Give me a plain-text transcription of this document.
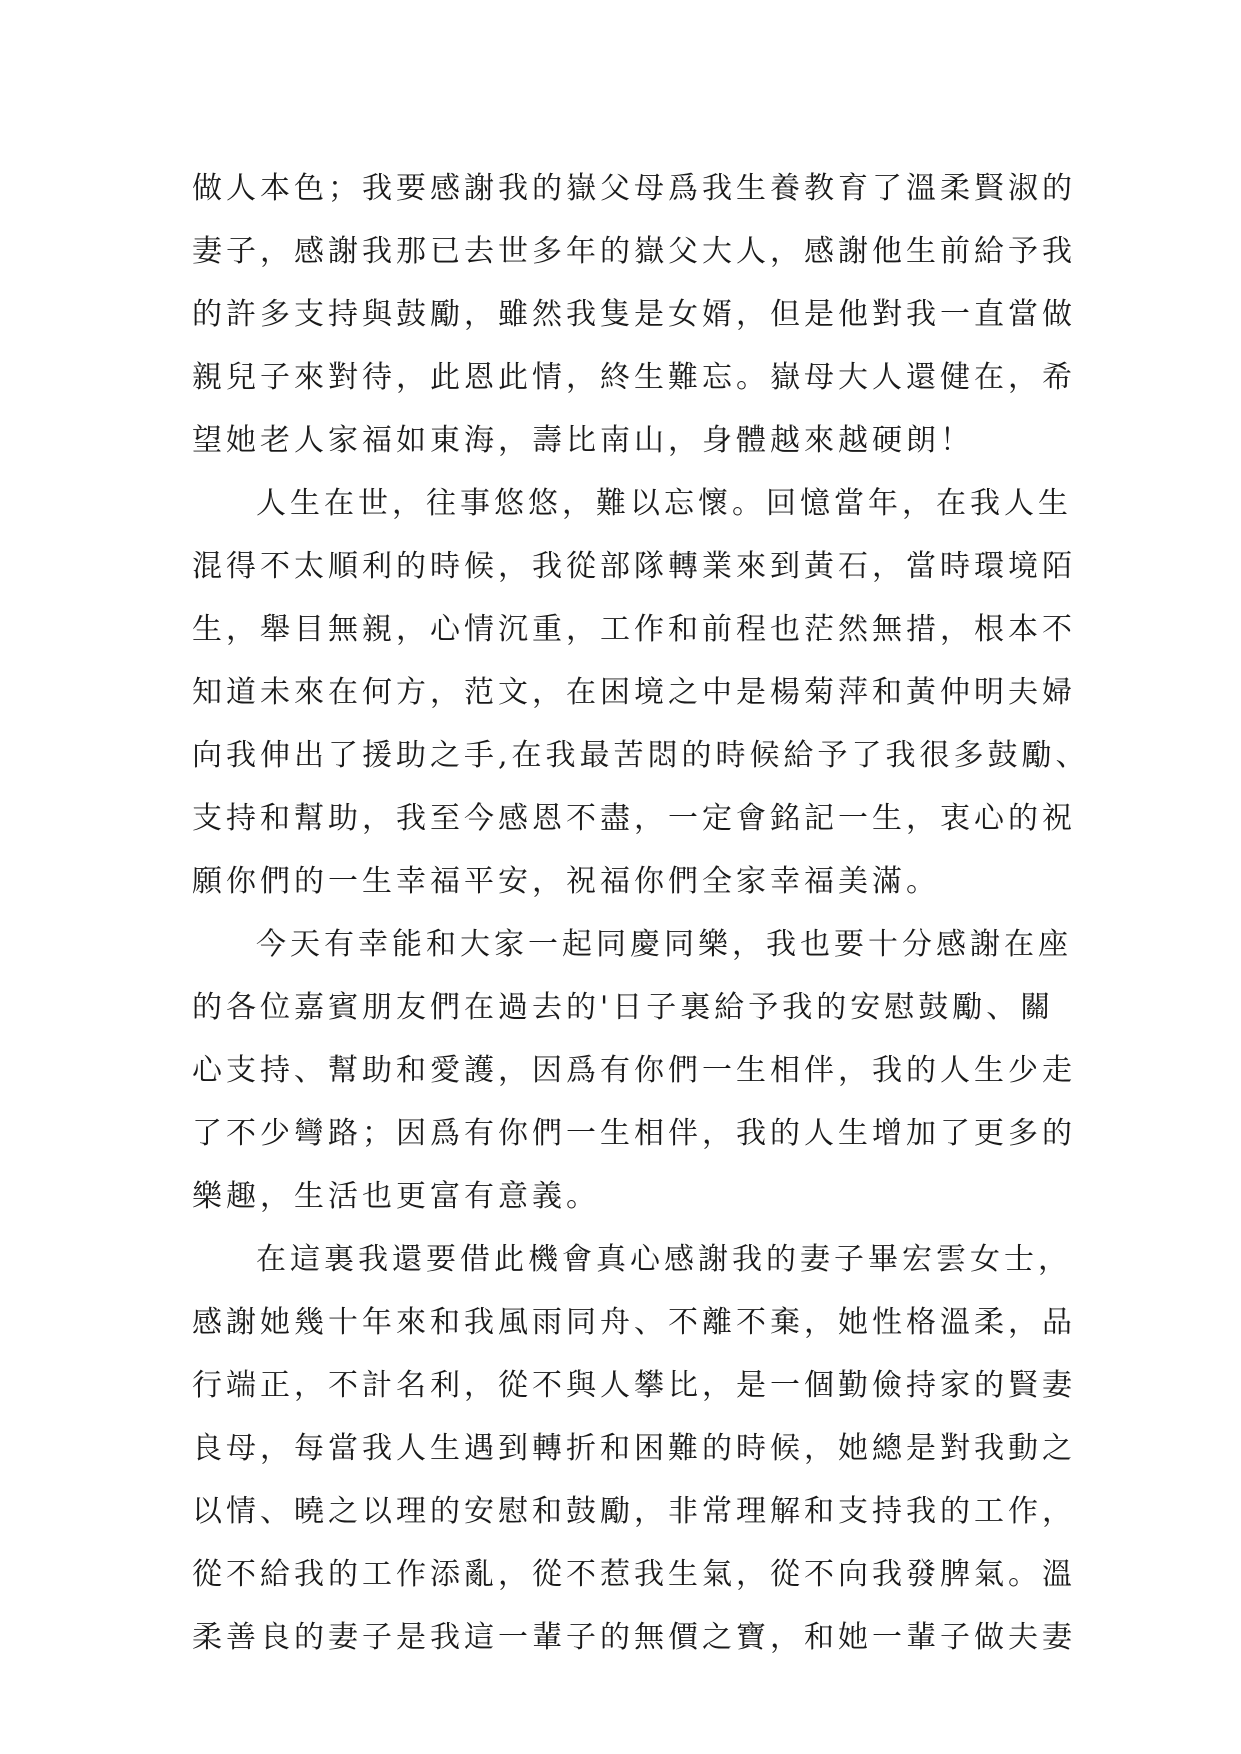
做人本色；我要感謝我的嶽父母爲我生養教育了溫柔賢淑的
妻子，感謝我那已去世多年的嶽父大人，感謝他生前給予我
的許多支持與鼓勵，雖然我隻是女婿，但是他對我一直當做
親兒子來對待，此恩此情，終生難忘。嶽母大人還健在，希
望她老人家福如東海，壽比南山，身體越來越硬朗！
人生在世，往事悠悠，難以忘懷。回憶當年，在我人生
混得不太順利的時候，我從部隊轉業來到黃石，當時環境陌
生，舉目無親，心情沉重，工作和前程也茫然無措，根本不
知道未來在何方，范文，在困境之中是楊菊萍和黃仲明夫婦
向我伸出了援助之手,在我最苦悶的時候給予了我很多鼓勵、
支持和幫助，我至今感恩不盡，一定會銘記一生，衷心的祝
願你們的一生幸福平安，祝福你們全家幸福美滿。
今天有幸能和大家一起同慶同樂，我也要十分感謝在座
的各位嘉賓朋友們在過去的'日子裏給予我的安慰鼓勵、關
心支持、幫助和愛護，因爲有你們一生相伴，我的人生少走
了不少彎路；因爲有你們一生相伴，我的人生增加了更多的
樂趣，生活也更富有意義。
在這裏我還要借此機會真心感謝我的妻子畢宏雲女士，
感謝她幾十年來和我風雨同舟、不離不棄，她性格溫柔，品
行端正，不計名利，從不與人攀比，是一個勤儉持家的賢妻
良母，每當我人生遇到轉折和困難的時候，她總是對我動之
以情、曉之以理的安慰和鼓勵，非常理解和支持我的工作，
從不給我的工作添亂，從不惹我生氣，從不向我發脾氣。溫
柔善良的妻子是我這一輩子的無價之寶，和她一輩子做夫妻
